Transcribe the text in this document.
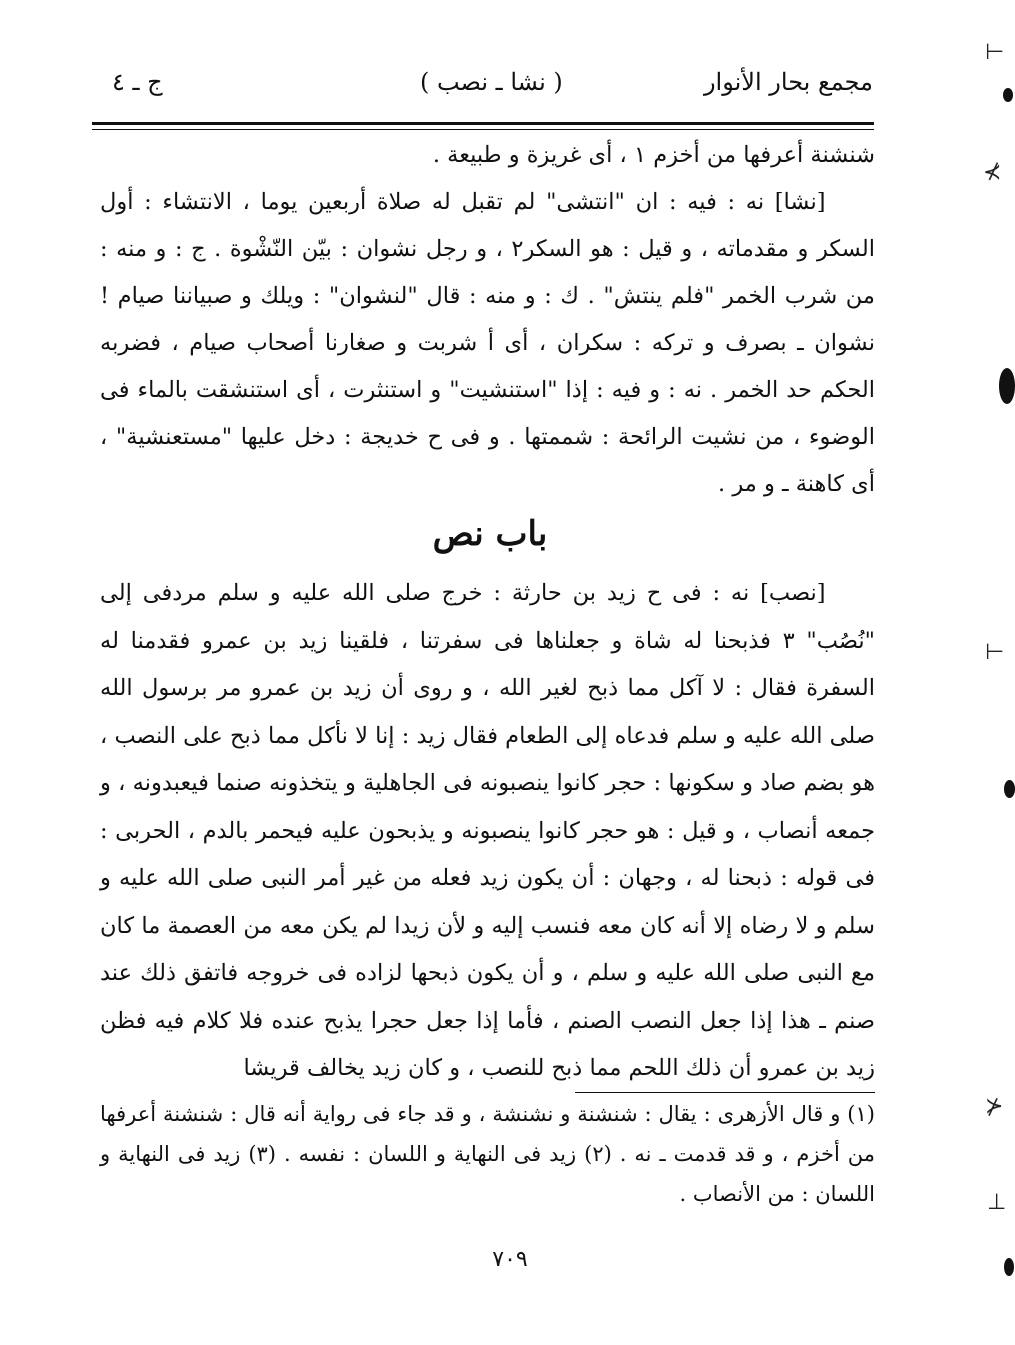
مجمع بحار الأنوار
( نشا ـ نصب )
ج ـ ٤

شنشنة أعرفها من أخزم ١ ، أى غريزة و طبيعة .

[نشا] نه : فيه : ان "انتشى" لم تقبل له صلاة أربعين يوما ، الانتشاء : أول السكر و مقدماته ، و قيل : هو السكر٢ ، و رجل نشوان : بيّن النّشْوة . ج : و منه : من شرب الخمر "فلم ينتش" . ك : و منه : قال "لنشوان" : ويلك و صبياننا صيام ! نشوان ـ بصرف و تركه : سكران ، أى أ شربت و صغارنا أصحاب صيام ، فضربه الحكم حد الخمر . نه : و فيه : إذا "استنشيت" و استنثرت ، أى استنشقت بالماء فى الوضوء ، من نشيت الرائحة : شممتها . و فى ح خديجة : دخل عليها "مستعنشية" ، أى كاهنة ـ و مر .

باب نص

[نصب] نه : فى ح زيد بن حارثة : خرج صلى الله عليه و سلم مردفى إلى "نُصُب" ٣ فذبحنا له شاة و جعلناها فى سفرتنا ، فلقينا زيد بن عمرو فقدمنا له السفرة فقال : لا آكل مما ذبح لغير الله ، و روى أن زيد بن عمرو مر برسول الله صلى الله عليه و سلم فدعاه إلى الطعام فقال زيد : إنا لا نأكل مما ذبح على النصب ، هو بضم صاد و سكونها : حجر كانوا ينصبونه فى الجاهلية و يتخذونه صنما فيعبدونه ، و جمعه أنصاب ، و قيل : هو حجر كانوا ينصبونه و يذبحون عليه فيحمر بالدم ، الحربى : فى قوله : ذبحنا له ، وجهان : أن يكون زيد فعله من غير أمر النبى صلى الله عليه و سلم و لا رضاه إلا أنه كان معه فنسب إليه و لأن زيدا لم يكن معه من العصمة ما كان مع النبى صلى الله عليه و سلم ، و أن يكون ذبحها لزاده فى خروجه فاتفق ذلك عند صنم ـ هذا إذا جعل النصب الصنم ، فأما إذا جعل حجرا يذبح عنده فلا كلام فيه فظن زيد بن عمرو أن ذلك اللحم مما ذبح للنصب ، و كان زيد يخالف قريشا

(١) و قال الأزهرى : يقال : شنشنة و نشنشة ، و قد جاء فى رواية أنه قال : شنشنة أعرفها من أخزم ، و قد قدمت ـ نه . (٢) زيد فى النهاية و اللسان : نفسه . (٣) زيد فى النهاية و اللسان : من الأنصاب .
٧٠٩
⊢
⊀
⊢
⊁
⊥
